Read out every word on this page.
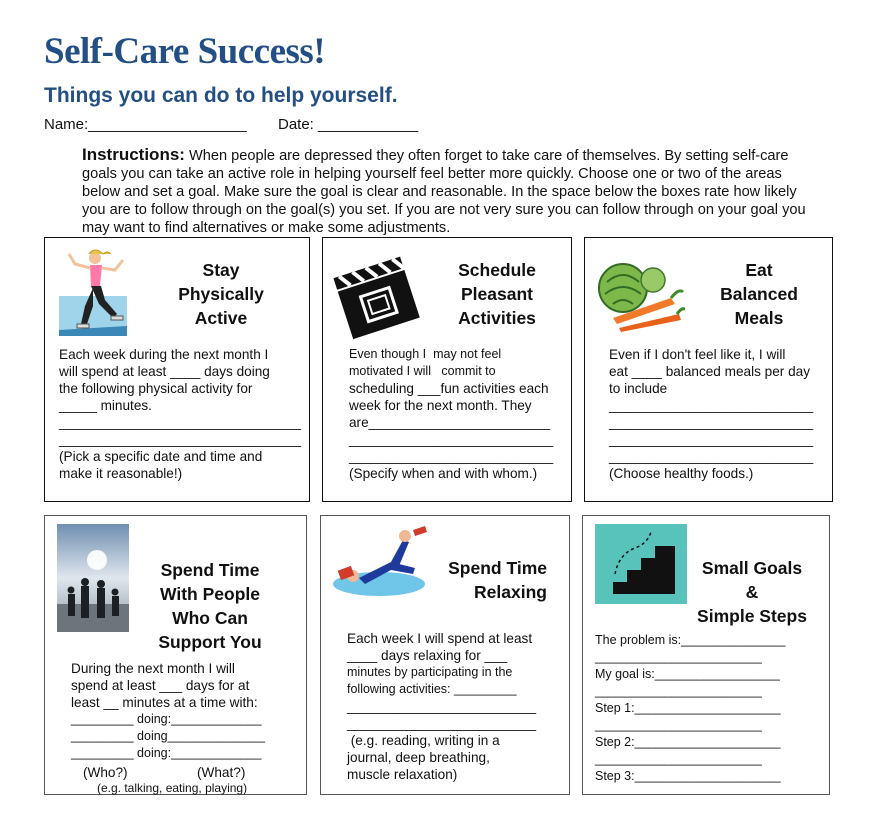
Self-Care Success!
Things you can do to help yourself.
Name:___________________ Date: ____________

Instructions: When people are depressed they often forget to take care of themselves. By setting self-care goals you can take an active role in helping yourself feel better more quickly. Choose one or two of the areas below and set a goal. Make sure the goal is clear and reasonable. In the space below the boxes rate how likely you are to follow through on the goal(s) you set. If you are not very sure you can follow through on your goal you may want to find alternatives or make some adjustments.

Stay
Physically
Active
Each week during the next month I
will spend at least ____ days doing
the following physical activity for
_____ minutes.
________________________________
________________________________
(Pick a specific date and time and
make it reasonable!)
Schedule
Pleasant
Activities
Even though I  may not feel
motivated I will   commit to
scheduling ___fun activities each
week for the next month. They
are________________________
___________________________
___________________________
(Specify when and with whom.)
Eat
Balanced
Meals
Even if I don't feel like it, I will
eat ____ balanced meals per day
to include
___________________________
___________________________
___________________________
___________________________
(Choose healthy foods.)
Spend Time
With People
Who Can
Support You
During the next month I will
spend at least ___ days for at
least __ minutes at a time with:
_________ doing:_____________
_________ doing______________
_________ doing:_____________
(Who?)	(What?)
(e.g. talking, eating, playing)
Spend Time
Relaxing
Each week I will spend at least
____ days relaxing for ___
minutes by participating in the
following activities: _________
_________________________
_________________________
(e.g. reading, writing in a
journal, deep breathing,
muscle relaxation)
Small Goals
&
Simple Steps
The problem is:_______________
________________________
My goal is:__________________
________________________
Step 1:_____________________
________________________
Step 2:_____________________
________________________
Step 3:_____________________
